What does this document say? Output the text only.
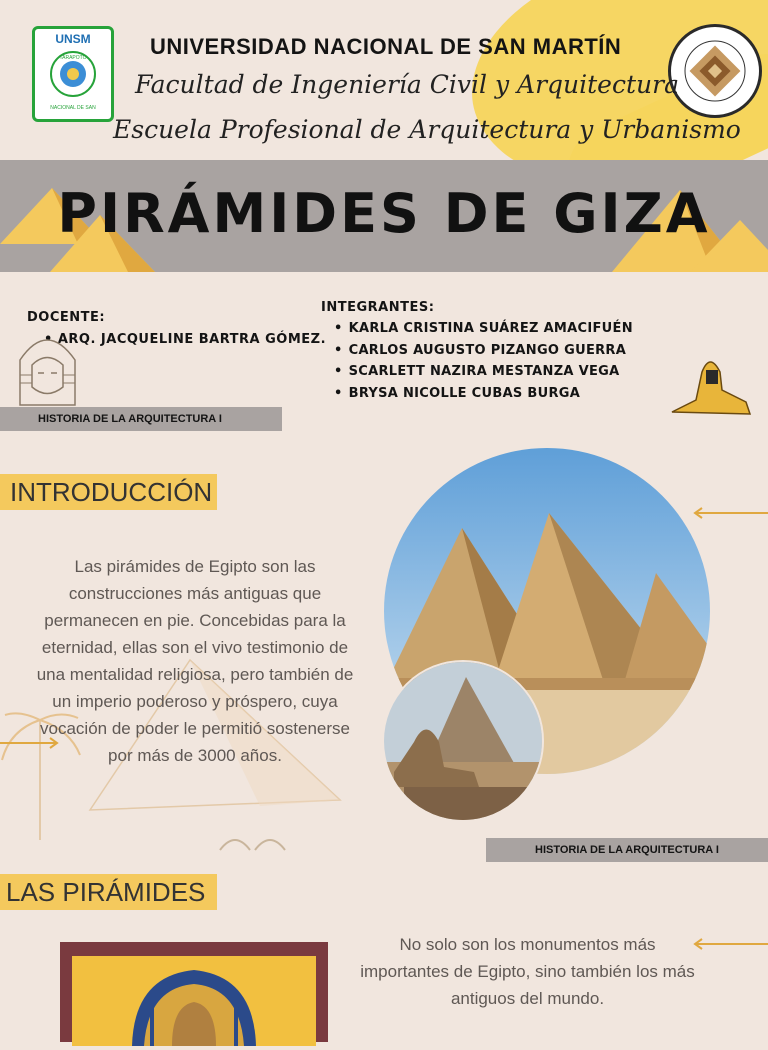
UNSM
TARAPOTO
NACIONAL DE SAN
UNIVERSIDAD NACIONAL DE SAN MARTÍN
Facultad de Ingeniería Civil y Arquitectura
Escuela Profesional de Arquitectura y Urbanismo
PIRÁMIDES DE GIZA
DOCENTE:
• ARQ. JACQUELINE BARTRA GÓMEZ.
INTEGRANTES:
• KARLA CRISTINA SUÁREZ AMACIFUÉN
• CARLOS AUGUSTO PIZANGO GUERRA
• SCARLETT NAZIRA MESTANZA VEGA
• BRYSA NICOLLE CUBAS BURGA
HISTORIA DE LA ARQUITECTURA I
INTRODUCCIÓN
Las pirámides de Egipto son las construcciones más antiguas que permanecen en pie. Concebidas para la eternidad, ellas son el vivo testimonio de una mentalidad religiosa, pero también de un imperio poderoso y próspero, cuya vocación de poder le permitió sostenerse por más de 3000 años.
HISTORIA DE LA ARQUITECTURA I
LAS PIRÁMIDES
No solo son los monumentos más importantes de Egipto, sino también los más antiguos del mundo.
